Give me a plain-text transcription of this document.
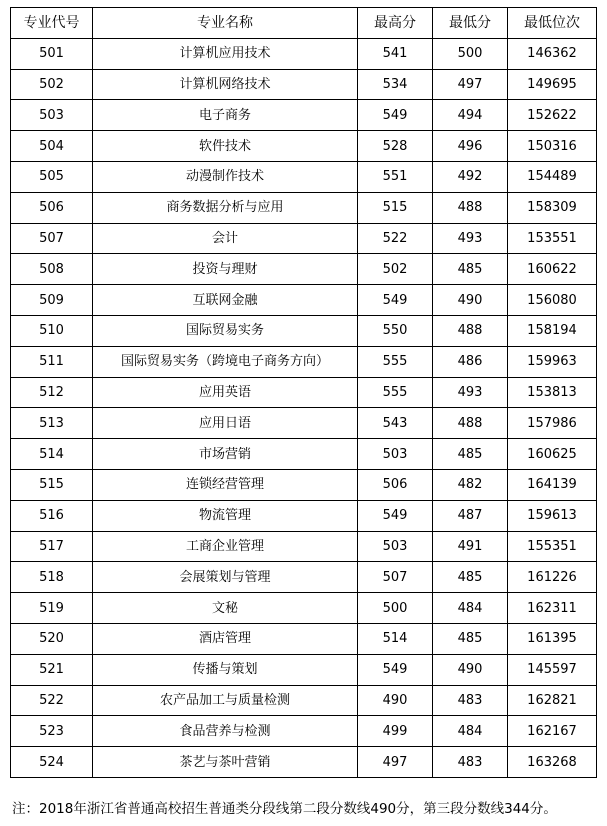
专业代号	专业名称	最高分	最低分	最低位次
501	计算机应用技术	541	500	146362
502	计算机网络技术	534	497	149695
503	电子商务	549	494	152622
504	软件技术	528	496	150316
505	动漫制作技术	551	492	154489
506	商务数据分析与应用	515	488	158309
507	会计	522	493	153551
508	投资与理财	502	485	160622
509	互联网金融	549	490	156080
510	国际贸易实务	550	488	158194
511	国际贸易实务（跨境电子商务方向）	555	486	159963
512	应用英语	555	493	153813
513	应用日语	543	488	157986
514	市场营销	503	485	160625
515	连锁经营管理	506	482	164139
516	物流管理	549	487	159613
517	工商企业管理	503	491	155351
518	会展策划与管理	507	485	161226
519	文秘	500	484	162311
520	酒店管理	514	485	161395
521	传播与策划	549	490	145597
522	农产品加工与质量检测	490	483	162821
523	食品营养与检测	499	484	162167
524	茶艺与茶叶营销	497	483	163268
注：2018年浙江省普通高校招生普通类分段线第二段分数线490分，第三段分数线344分。
